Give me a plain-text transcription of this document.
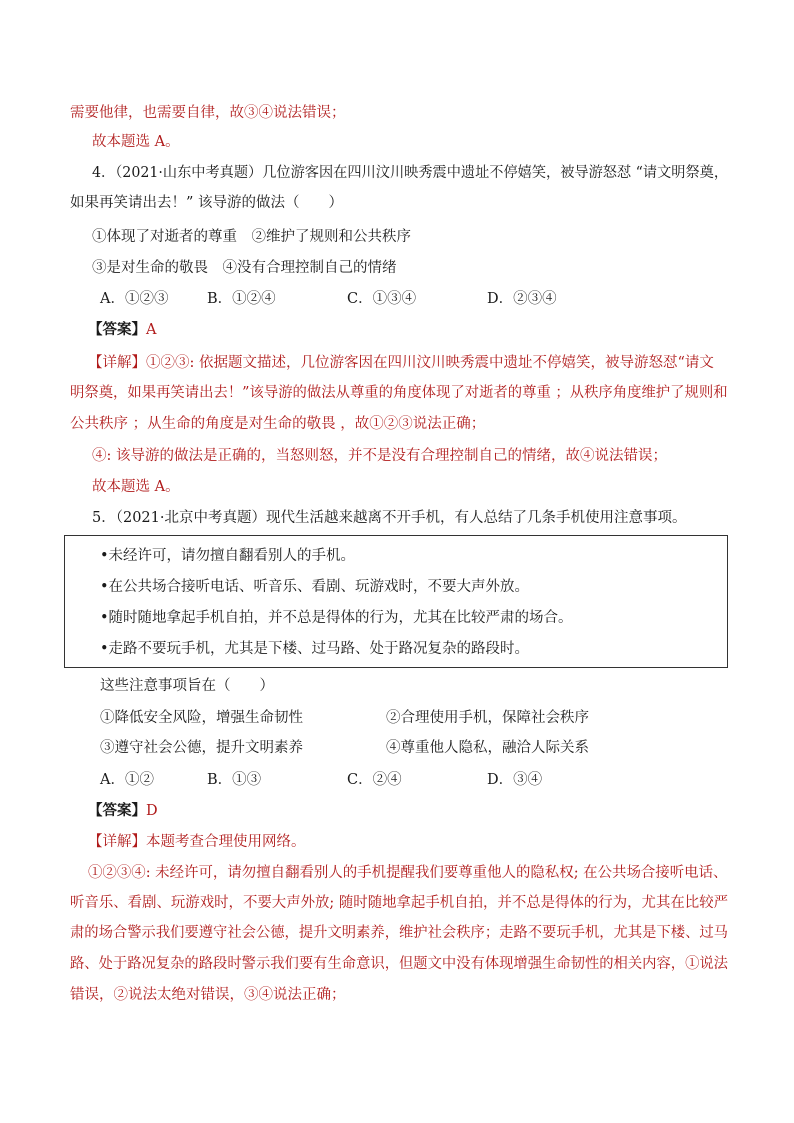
需要他律，也需要自律，故③④说法错误；
故本题选 A。
4．（2021·山东中考真题）几位游客因在四川汶川映秀震中遗址不停嬉笑，被导游怒怼 “请文明祭奠，
如果再笑请出去！” 该导游的做法（　　）
①体现了对逝者的尊重　②维护了规则和公共秩序
③是对生命的敬畏　④没有合理控制自己的情绪
A．①②③	B．①②④	C．①③④	D．②③④
【答案】A
【详解】①②③: 依据题文描述，几位游客因在四川汶川映秀震中遗址不停嬉笑，被导游怒怼“请文
明祭奠，如果再笑请出去！”该导游的做法从尊重的角度体现了对逝者的尊重 ；从秩序角度维护了规则和
公共秩序 ；从生命的角度是对生命的敬畏 ，故①②③说法正确；
④: 该导游的做法是正确的，当怒则怒，并不是没有合理控制自己的情绪，故④说法错误；
故本题选 A。
5．（2021·北京中考真题）现代生活越来越离不开手机，有人总结了几条手机使用注意事项。
•未经许可，请勿擅自翻看别人的手机。
•在公共场合接听电话、听音乐、看剧、玩游戏时，不要大声外放。
•随时随地拿起手机自拍，并不总是得体的行为，尤其在比较严肃的场合。
•走路不要玩手机，尤其是下楼、过马路、处于路况复杂的路段时。
这些注意事项旨在（　　）
①降低安全风险，增强生命韧性	②合理使用手机，保障社会秩序
③遵守社会公德，提升文明素养	④尊重他人隐私，融洽人际关系
A．①②	B．①③	C．②④	D．③④
【答案】D
【详解】本题考查合理使用网络。
①②③④: 未经许可，请勿擅自翻看别人的手机提醒我们要尊重他人的隐私权; 在公共场合接听电话、
听音乐、看剧、玩游戏时，不要大声外放; 随时随地拿起手机自拍，并不总是得体的行为，尤其在比较严
肃的场合警示我们要遵守社会公德，提升文明素养，维护社会秩序；走路不要玩手机，尤其是下楼、过马
路、处于路况复杂的路段时警示我们要有生命意识，但题文中没有体现增强生命韧性的相关内容，①说法
错误，②说法太绝对错误，③④说法正确；
